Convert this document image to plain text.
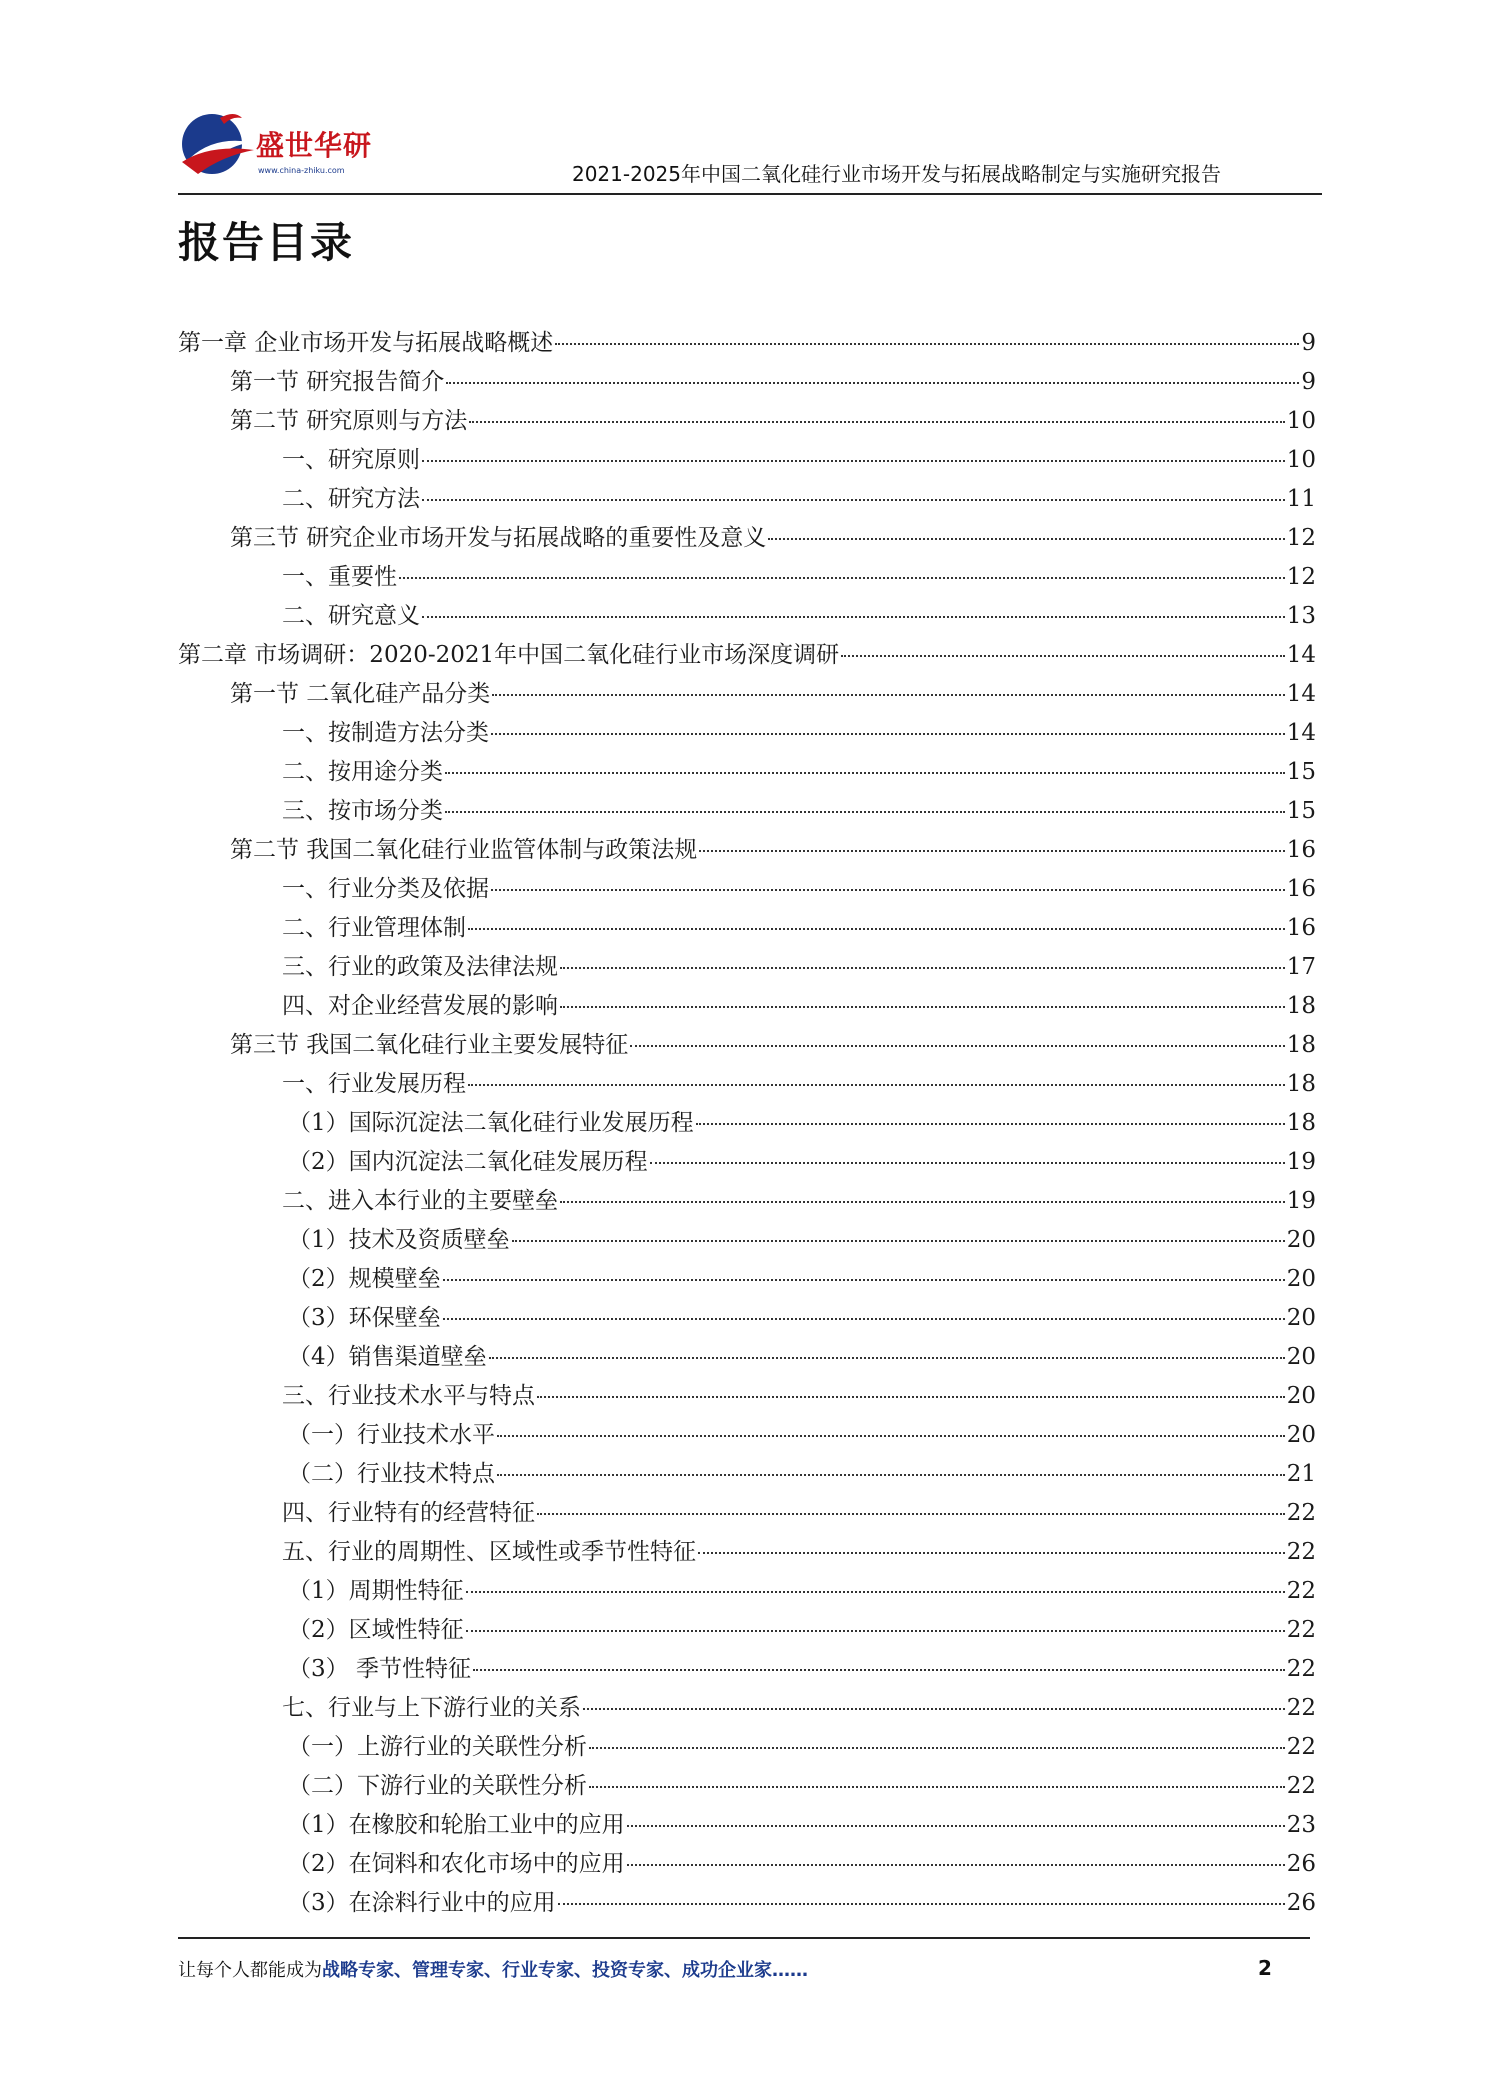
盛世华研
www.china-zhiku.com	2021-2025年中国二氧化硅行业市场开发与拓展战略制定与实施研究报告
报告目录
第一章 企业市场开发与拓展战略概述	9
第一节 研究报告简介	9
第二节 研究原则与方法	10
一、研究原则	10
二、研究方法	11
第三节 研究企业市场开发与拓展战略的重要性及意义	12
一、重要性	12
二、研究意义	13
第二章 市场调研：2020-2021年中国二氧化硅行业市场深度调研	14
第一节 二氧化硅产品分类	14
一、按制造方法分类	14
二、按用途分类	15
三、按市场分类	15
第二节 我国二氧化硅行业监管体制与政策法规	16
一、行业分类及依据	16
二、行业管理体制	16
三、行业的政策及法律法规	17
四、对企业经营发展的影响	18
第三节 我国二氧化硅行业主要发展特征	18
一、行业发展历程	18
（1）国际沉淀法二氧化硅行业发展历程	18
（2）国内沉淀法二氧化硅发展历程	19
二、进入本行业的主要壁垒	19
（1）技术及资质壁垒	20
（2）规模壁垒	20
（3）环保壁垒	20
（4）销售渠道壁垒	20
三、行业技术水平与特点	20
（一）行业技术水平	20
（二）行业技术特点	21
四、行业特有的经营特征	22
五、行业的周期性、区域性或季节性特征	22
（1）周期性特征	22
（2）区域性特征	22
（3） 季节性特征	22
七、行业与上下游行业的关系	22
（一）上游行业的关联性分析	22
（二）下游行业的关联性分析	22
（1）在橡胶和轮胎工业中的应用	23
（2）在饲料和农化市场中的应用	26
（3）在涂料行业中的应用	26
让每个人都能成为战略专家、管理专家、行业专家、投资专家、成功企业家……	2
